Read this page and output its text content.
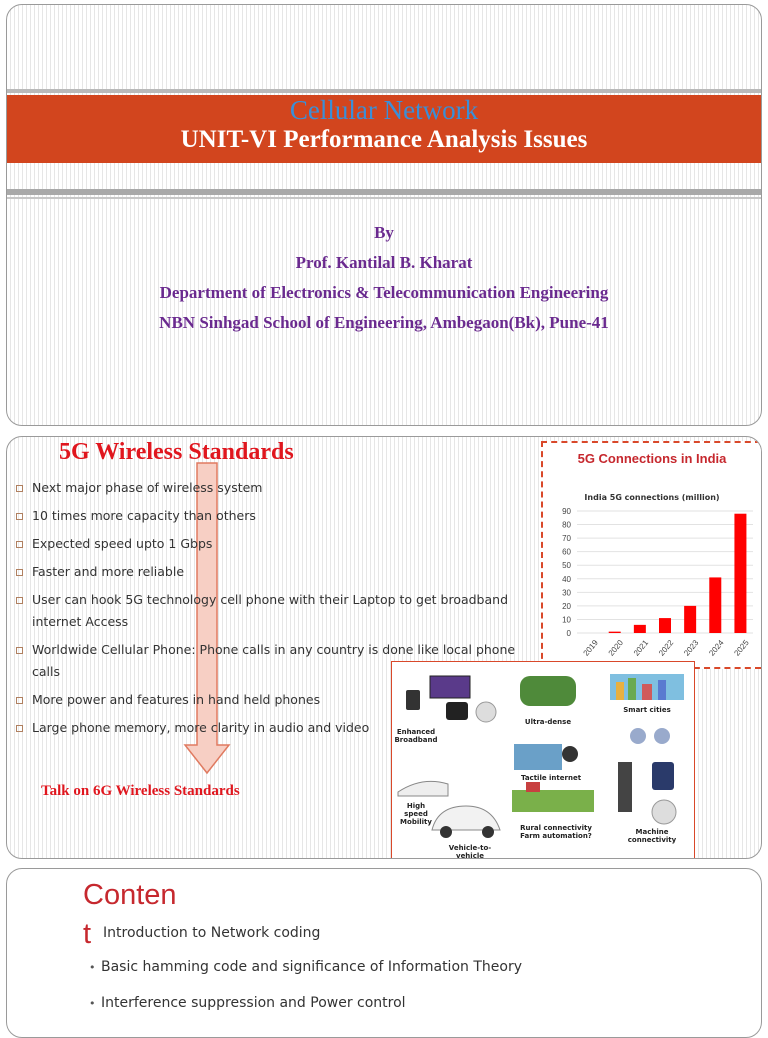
Cellular Network
UNIT-VI Performance Analysis Issues
By
Prof. Kantilal B. Kharat
Department of Electronics & Telecommunication Engineering
NBN Sinhgad School of Engineering, Ambegaon(Bk), Pune-41
5G Wireless Standards
Next major phase of wireless system
10 times more capacity than others
Expected speed upto 1 Gbps
Faster and more reliable
User can hook 5G technology cell phone with their Laptop to get broadband internet Access
Worldwide Cellular Phone: Phone calls in any country is done like local phone calls
More power and features in hand held phones
Large phone memory, more clarity in audio and video
Talk on 6G Wireless Standards
5G Connections in India
India 5G connections (million)
0
10
20
30
40
50
60
70
80
90
2019 2020 2021 2022 2023 2024 2025
Enhanced Broadband
Ultra-dense
Smart cities
Tactile internet
High speed Mobility
Vehicle-to-vehicle
Rural connectivity Farm automation?	Machine connectivity
Conten
t Introduction to Network coding
• Basic hamming code and significance of Information Theory
• Interference suppression and Power control
